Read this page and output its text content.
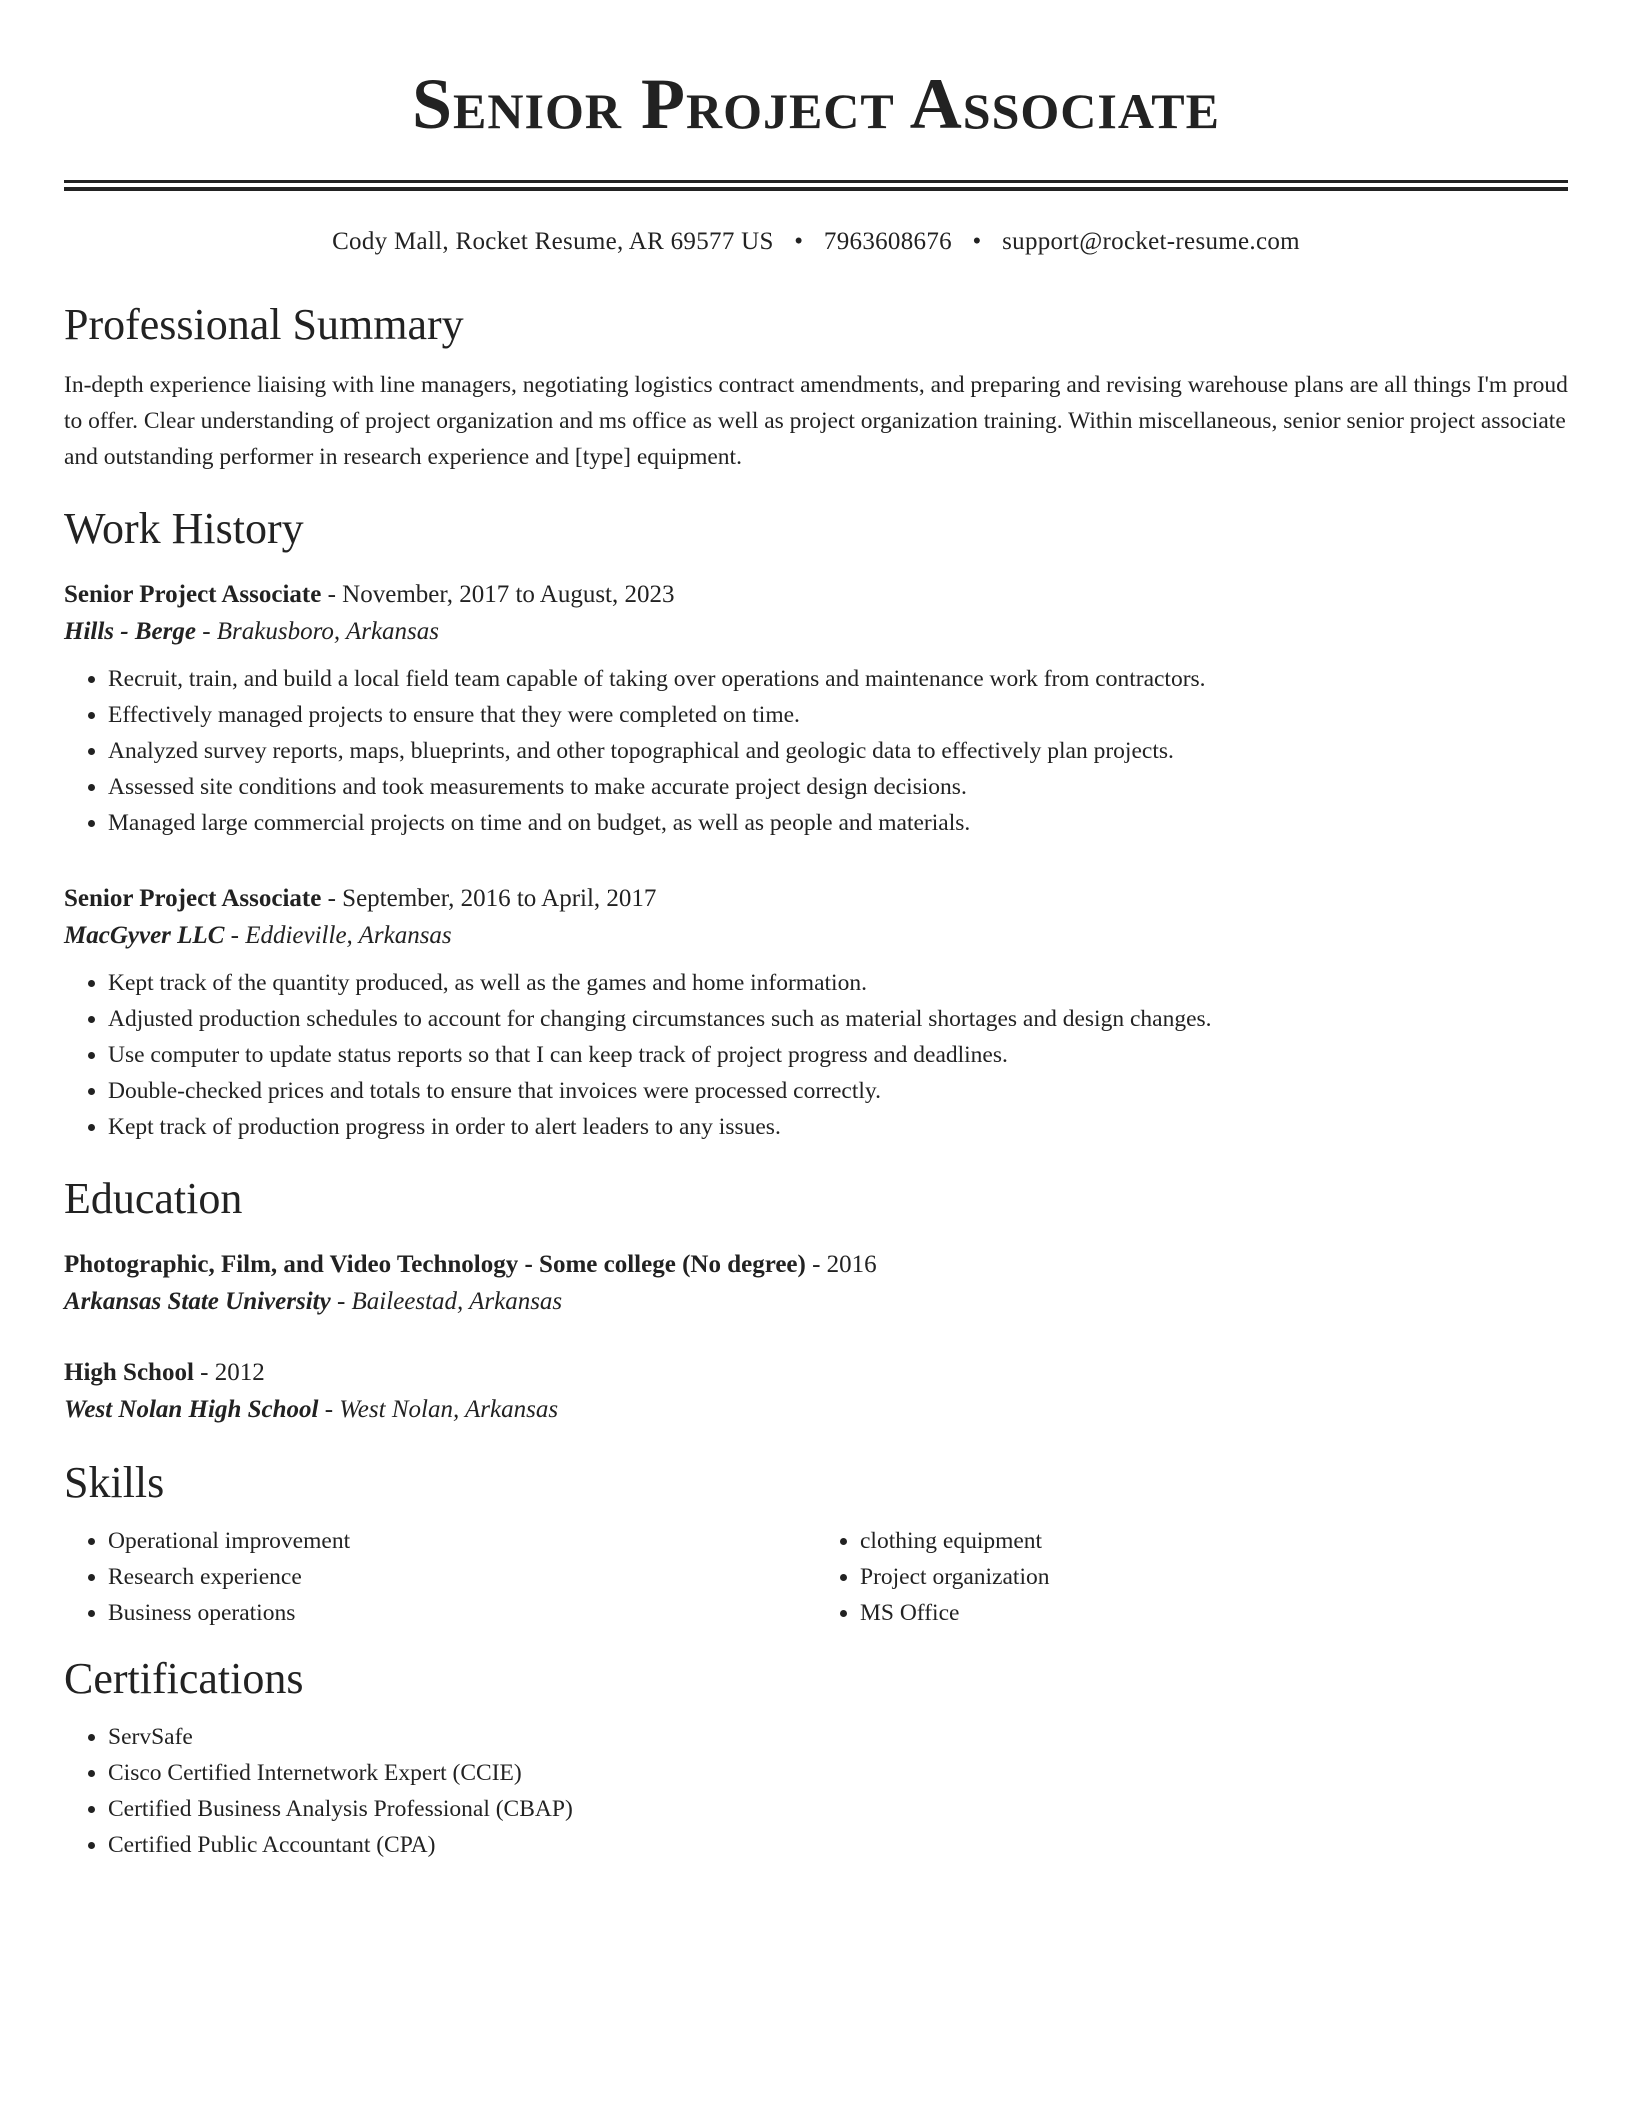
Senior Project Associate
Cody Mall, Rocket Resume, AR 69577 US • 7963608676 • support@rocket-resume.com
Professional Summary
In-depth experience liaising with line managers, negotiating logistics contract amendments, and preparing and revising warehouse plans are all things I'm proud to offer. Clear understanding of project organization and ms office as well as project organization training. Within miscellaneous, senior senior project associate and outstanding performer in research experience and [type] equipment.
Work History
Senior Project Associate - November, 2017 to August, 2023
Hills - Berge - Brakusboro, Arkansas
• Recruit, train, and build a local field team capable of taking over operations and maintenance work from contractors.
• Effectively managed projects to ensure that they were completed on time.
• Analyzed survey reports, maps, blueprints, and other topographical and geologic data to effectively plan projects.
• Assessed site conditions and took measurements to make accurate project design decisions.
• Managed large commercial projects on time and on budget, as well as people and materials.
Senior Project Associate - September, 2016 to April, 2017
MacGyver LLC - Eddieville, Arkansas
• Kept track of the quantity produced, as well as the games and home information.
• Adjusted production schedules to account for changing circumstances such as material shortages and design changes.
• Use computer to update status reports so that I can keep track of project progress and deadlines.
• Double-checked prices and totals to ensure that invoices were processed correctly.
• Kept track of production progress in order to alert leaders to any issues.
Education
Photographic, Film, and Video Technology - Some college (No degree) - 2016
Arkansas State University - Baileestad, Arkansas
High School - 2012
West Nolan High School - West Nolan, Arkansas
Skills
• Operational improvement
• Research experience
• Business operations
• clothing equipment
• Project organization
• MS Office
Certifications
• ServSafe
• Cisco Certified Internetwork Expert (CCIE)
• Certified Business Analysis Professional (CBAP)
• Certified Public Accountant (CPA)
